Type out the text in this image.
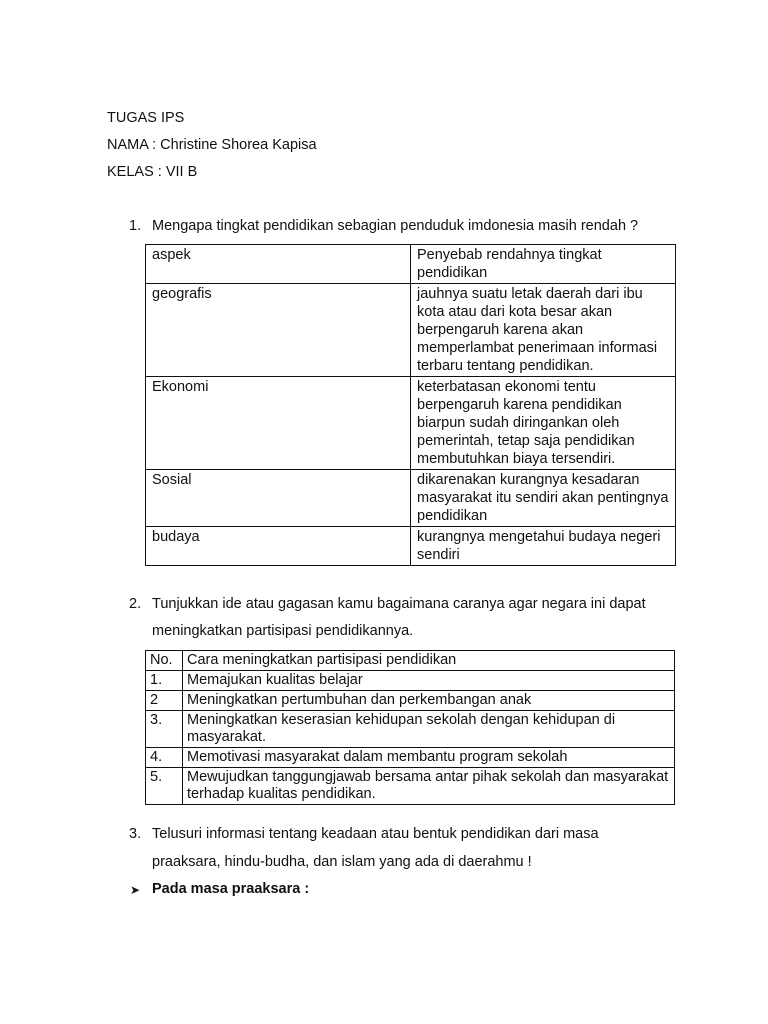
TUGAS IPS
NAMA : Christine Shorea Kapisa
KELAS : VII B
1. Mengapa tingkat pendidikan sebagian penduduk imdonesia masih rendah ?
aspek	Penyebab rendahnya tingkat pendidikan
geografis	jauhnya suatu letak daerah dari ibu kota atau dari kota besar akan berpengaruh karena akan memperlambat penerimaan informasi terbaru tentang pendidikan.
Ekonomi	keterbatasan ekonomi tentu berpengaruh karena pendidikan biarpun sudah diringankan oleh pemerintah, tetap saja pendidikan membutuhkan biaya tersendiri.
Sosial	dikarenakan kurangnya kesadaran masyarakat itu sendiri akan pentingnya pendidikan
budaya	kurangnya mengetahui budaya negeri sendiri
2. Tunjukkan ide atau gagasan kamu bagaimana caranya agar negara ini dapat
meningkatkan partisipasi pendidikannya.
No.	Cara meningkatkan partisipasi pendidikan
1.	Memajukan kualitas belajar
2	Meningkatkan pertumbuhan dan perkembangan anak
3.	Meningkatkan keserasian kehidupan sekolah dengan kehidupan di masyarakat.
4.	Memotivasi masyarakat dalam membantu program sekolah
5.	Mewujudkan tanggungjawab bersama antar pihak sekolah dan masyarakat terhadap kualitas pendidikan.
3. Telusuri informasi tentang keadaan atau bentuk pendidikan dari masa
praaksara, hindu-budha, dan islam yang ada di daerahmu !
➤ Pada masa praaksara :
